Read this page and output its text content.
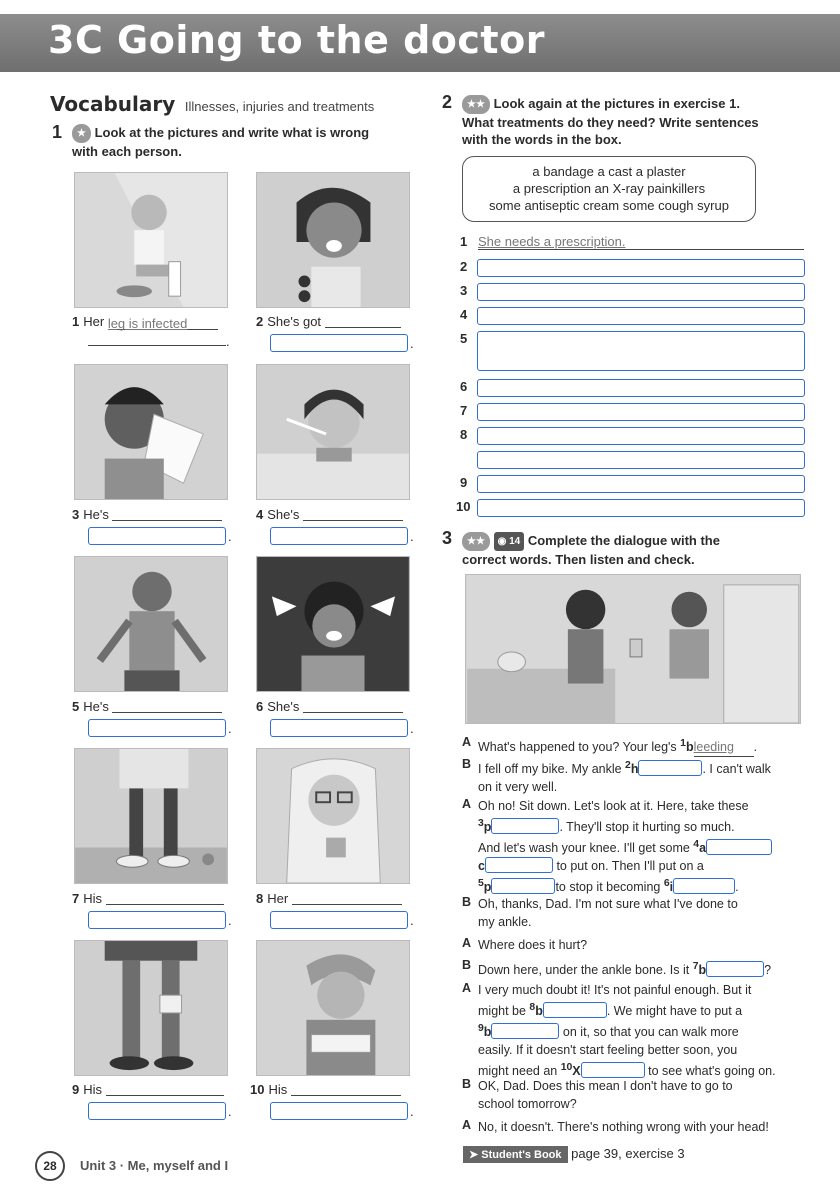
3C Going to the doctor
Vocabulary Illnesses, injuries and treatments
1	★ Look at the pictures and write what is wrong
with each person.
1 Her leg is infected
.
2 She's got
.
3 He's
.
4 She's
.
5 He's
.
6 She's
.
7 His
.
8 Her
.
9 His
.
10 His
.
2	★★ Look again at the pictures in exercise 1.
What treatments do they need? Write sentences
with the words in the box.
a bandage a cast a plaster
a prescription an X-ray painkillers
some antiseptic cream some cough syrup
1 She needs a prescription.
2
3
4
5
6
7
8
9
10
3	★★ ◉ 14 Complete the dialogue with the
correct words. Then listen and check.
A What's happened to you? Your leg's $^1$bleeding .
B I fell off my bike. My ankle $^2$h	. I can't walk
on it very well.
A Oh no! Sit down. Let's look at it. Here, take these
$^3$p	. They'll stop it hurting so much.
And let's wash your knee. I'll get some $^4$a
c	to put on. Then I'll put on a
$^5$p	to stop it becoming $^6$i	.
B Oh, thanks, Dad. I'm not sure what I've done to
my ankle.
A Where does it hurt?
B Down here, under the ankle bone. Is it $^7$b	?
A I very much doubt it! It's not painful enough. But it
might be $^8$b	. We might have to put a
$^9$b	on it, so that you can walk more
easily. If it doesn't start feeling better soon, you
might need an $^{10}$X	to see what's going on.
B OK, Dad. Does this mean I don't have to go to
school tomorrow?
A No, it doesn't. There's nothing wrong with your head!
➤ Student's Book page 39, exercise 3
28	Unit 3 · Me, myself and I
